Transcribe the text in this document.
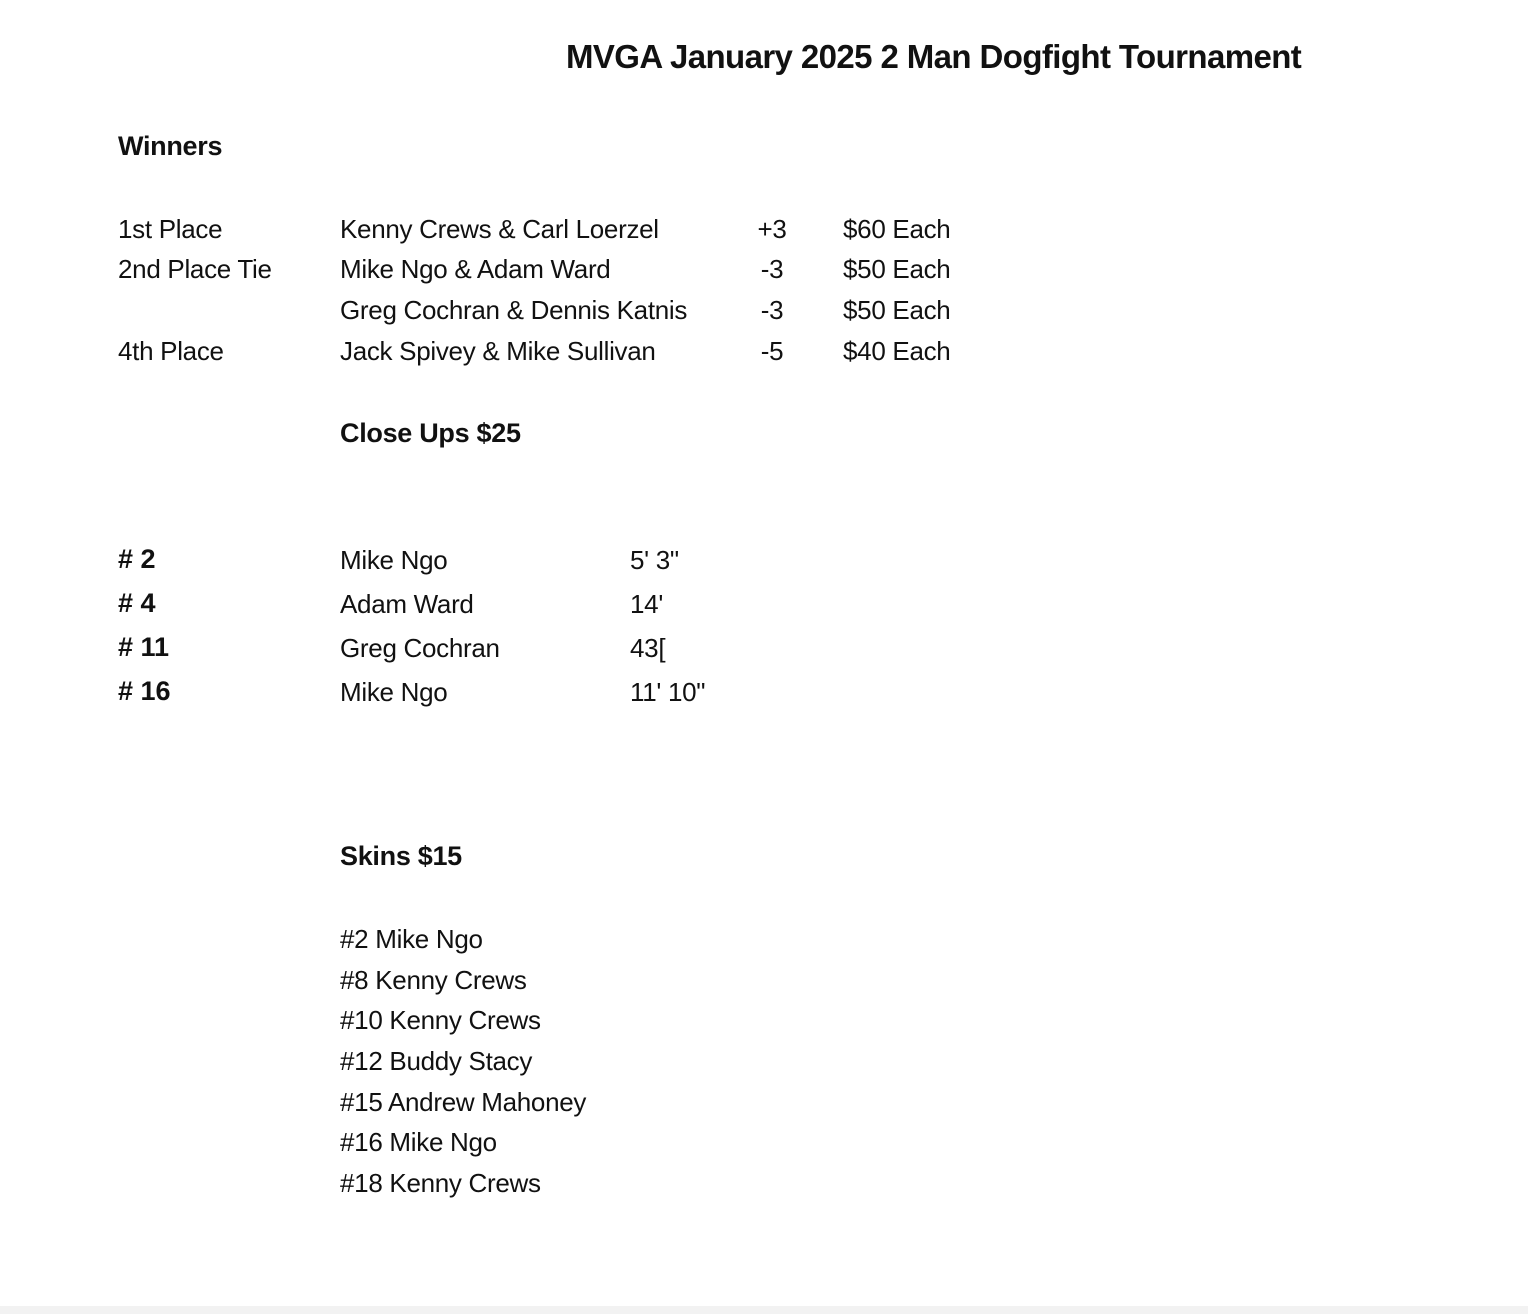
MVGA January 2025 2 Man Dogfight Tournament
Winners
1st Place	Kenny Crews & Carl Loerzel	+3	$60 Each
2nd Place Tie	Mike Ngo & Adam Ward	-3	$50 Each
Greg Cochran & Dennis Katnis	-3	$50 Each
4th Place	Jack Spivey & Mike Sullivan	-5	$40 Each
Close Ups $25
# 2	Mike Ngo	5' 3"
# 4	Adam Ward	14'
# 11	Greg Cochran	43[
# 16	Mike Ngo	11' 10"
Skins $15
#2 Mike Ngo
#8 Kenny Crews
#10 Kenny Crews
#12 Buddy Stacy
#15 Andrew Mahoney
#16 Mike Ngo
#18 Kenny Crews
